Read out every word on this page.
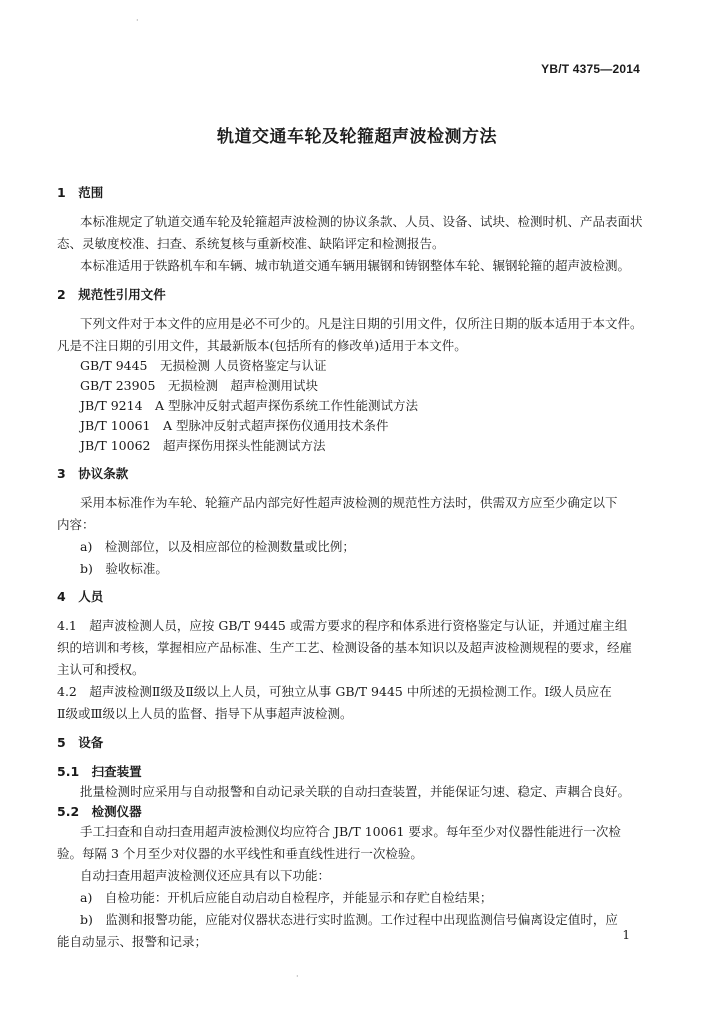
·
YB/T 4375—2014
轨道交通车轮及轮箍超声波检测方法
1　范围
本标准规定了轨道交通车轮及轮箍超声波检测的协议条款、人员、设备、试块、检测时机、产品表面状
态、灵敏度校准、扫查、系统复核与重新校准、缺陷评定和检测报告。
本标准适用于铁路机车和车辆、城市轨道交通车辆用辗钢和铸钢整体车轮、辗钢轮箍的超声波检测。
2　规范性引用文件
下列文件对于本文件的应用是必不可少的。凡是注日期的引用文件，仅所注日期的版本适用于本文件。
凡是不注日期的引用文件，其最新版本(包括所有的修改单)适用于本文件。
GB/T 9445　无损检测 人员资格鉴定与认证
GB/T 23905　无损检测　超声检测用试块
JB/T 9214　A 型脉冲反射式超声探伤系统工作性能测试方法
JB/T 10061　A 型脉冲反射式超声探伤仪通用技术条件
JB/T 10062　超声探伤用探头性能测试方法
3　协议条款
采用本标准作为车轮、轮箍产品内部完好性超声波检测的规范性方法时，供需双方应至少确定以下
内容：
a)　检测部位，以及相应部位的检测数量或比例；
b)　验收标准。
4　人员
4.1　超声波检测人员，应按 GB/T 9445 或需方要求的程序和体系进行资格鉴定与认证，并通过雇主组
织的培训和考核，掌握相应产品标准、生产工艺、检测设备的基本知识以及超声波检测规程的要求，经雇
主认可和授权。
4.2　超声波检测Ⅱ级及Ⅱ级以上人员，可独立从事 GB/T 9445 中所述的无损检测工作。Ⅰ级人员应在
Ⅱ级或Ⅲ级以上人员的监督、指导下从事超声波检测。
5　设备
5.1　扫查装置
批量检测时应采用与自动报警和自动记录关联的自动扫查装置，并能保证匀速、稳定、声耦合良好。
5.2　检测仪器
手工扫查和自动扫查用超声波检测仪均应符合 JB/T 10061 要求。每年至少对仪器性能进行一次检
验。每隔 3 个月至少对仪器的水平线性和垂直线性进行一次检验。
自动扫查用超声波检测仪还应具有以下功能：
a)　自检功能：开机后应能自动启动自检程序，并能显示和存贮自检结果；
b)　监测和报警功能，应能对仪器状态进行实时监测。工作过程中出现监测信号偏离设定值时，应
能自动显示、报警和记录；	1
·
